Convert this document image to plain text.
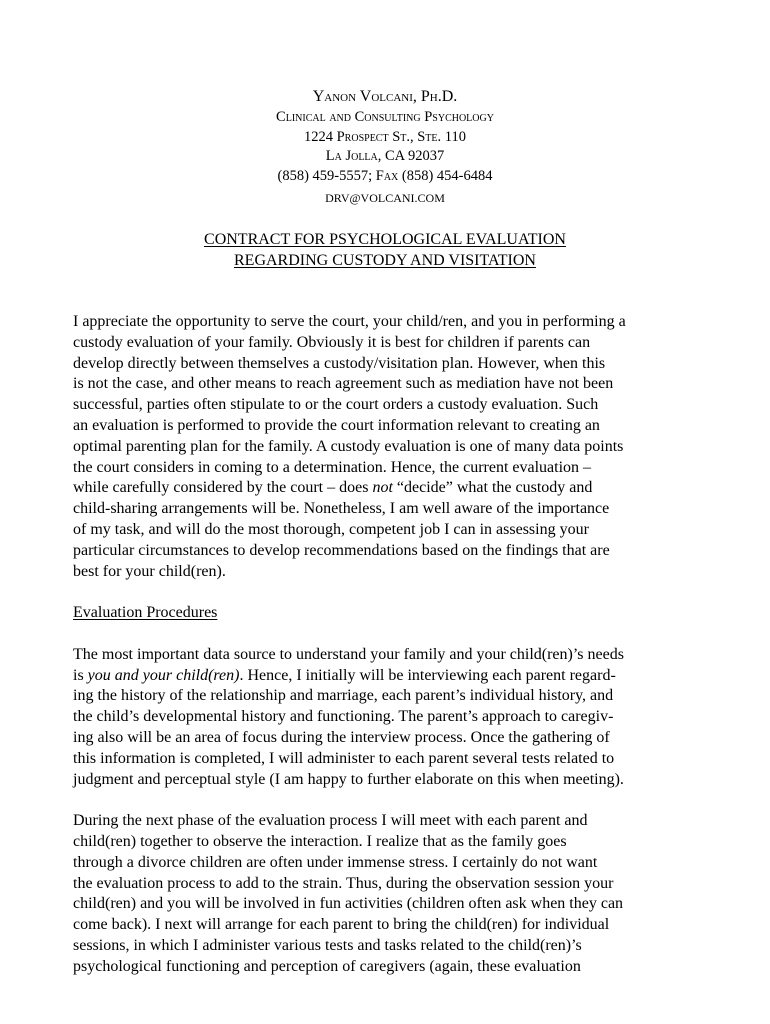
Yanon Volcani, Ph.D.
Clinical and Consulting Psychology
1224 Prospect St., Ste. 110
La Jolla, CA 92037
(858) 459-5557; Fax (858) 454-6484
DRV@VOLCANI.COM
CONTRACT FOR PSYCHOLOGICAL EVALUATION
REGARDING CUSTODY AND VISITATION
I appreciate the opportunity to serve the court, your child/ren, and you in performing a
custody evaluation of your family. Obviously it is best for children if parents can
develop directly between themselves a custody/visitation plan. However, when this
is not the case, and other means to reach agreement such as mediation have not been
successful, parties often stipulate to or the court orders a custody evaluation. Such
an evaluation is performed to provide the court information relevant to creating an
optimal parenting plan for the family. A custody evaluation is one of many data points
the court considers in coming to a determination. Hence, the current evaluation –
while carefully considered by the court – does not “decide” what the custody and
child-sharing arrangements will be. Nonetheless, I am well aware of the importance
of my task, and will do the most thorough, competent job I can in assessing your
particular circumstances to develop recommendations based on the findings that are
best for your child(ren).
Evaluation Procedures
The most important data source to understand your family and your child(ren)’s needs
is you and your child(ren). Hence, I initially will be interviewing each parent regard-
ing the history of the relationship and marriage, each parent’s individual history, and
the child’s developmental history and functioning. The parent’s approach to caregiv-
ing also will be an area of focus during the interview process. Once the gathering of
this information is completed, I will administer to each parent several tests related to
judgment and perceptual style (I am happy to further elaborate on this when meeting).
During the next phase of the evaluation process I will meet with each parent and
child(ren) together to observe the interaction. I realize that as the family goes
through a divorce children are often under immense stress. I certainly do not want
the evaluation process to add to the strain. Thus, during the observation session your
child(ren) and you will be involved in fun activities (children often ask when they can
come back). I next will arrange for each parent to bring the child(ren) for individual
sessions, in which I administer various tests and tasks related to the child(ren)’s
psychological functioning and perception of caregivers (again, these evaluation
